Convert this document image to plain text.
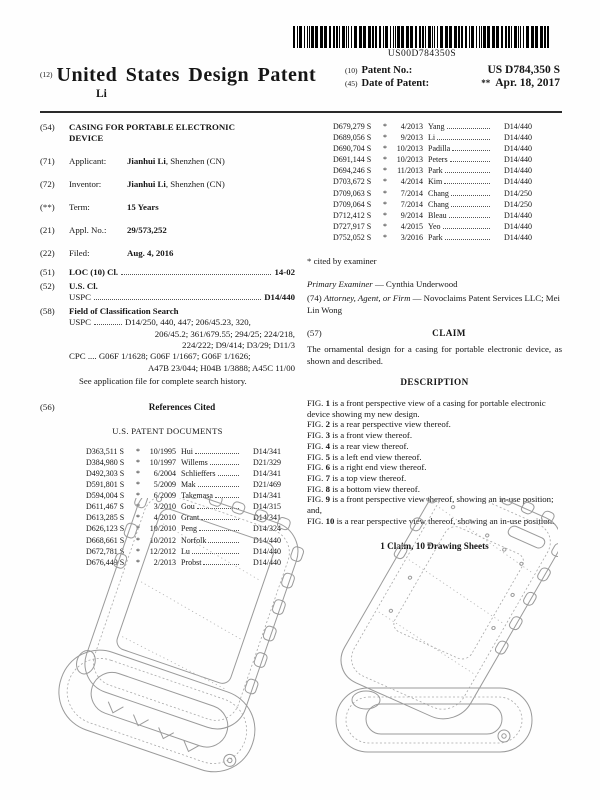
US00D784350S
$^{(12)}$ United States Design Patent
Li
(10) Patent No.:	US D784,350 S
(45) Date of Patent:	** Apr. 18, 2017
(54)	CASING FOR PORTABLE ELECTRONIC DEVICE
(71)	Applicant: Jianhui Li, Shenzhen (CN)
(72)	Inventor:	Jianhui Li, Shenzhen (CN)
(**)	Term:	15 Years
(21)	Appl. No.: 29/573,252
(22)	Filed:	Aug. 4, 2016
(51)	LOC (10) Cl.	14-02
(52)	U.S. Cl.
USPC	D14/440
(58)	Field of Classification Search
USPC	D14/250, 440, 447; 206/45.23, 320,
206/45.2; 361/679.55; 294/25; 224/218,
224/222; D9/414; D3/29; D11/3
CPC ....
G06F 1/1628; G06F 1/1667; G06F 1/1626;
A47B 23/044; H04B 1/3888; A45C 11/00
See application file for complete search history.
(56)	References Cited
U.S. PATENT DOCUMENTS
D363,511 S	*	10/1995 Hui	D14/341
D384,980 S	*	10/1997 Willems	D21/329
D492,303 S	*	6/2004 Schlieffers	D14/341
D591,801 S	*	5/2009 Mak	D21/469
D594,004 S	*	6/2009 Takemasa	D14/341
D611,467 S	*	3/2010 Gou	D14/315
D613,285 S	*	4/2010 Grant	D14/341
D626,123 S	*	10/2010 Peng	D14/324
D668,661 S	*	10/2012 Norfolk	D14/440
D672,781 S	*	12/2012 Lu	D14/440
D676,449 S	*	2/2013 Probst	D14/440
D679,279 S	*	4/2013 Yang	D14/440
D689,056 S	*	9/2013 Li	D14/440
D690,704 S	*	10/2013 Padilla	D14/440
D691,144 S	*	10/2013 Peters	D14/440
D694,246 S	*	11/2013 Park	D14/440
D703,672 S	*	4/2014 Kim	D14/440
D709,063 S	*	7/2014 Chang	D14/250
D709,064 S	*	7/2014 Chang	D14/250
D712,412 S	*	9/2014 Bleau	D14/440
D727,917 S	*	4/2015 Yeo	D14/440
D752,052 S	*	3/2016 Park	D14/440
* cited by examiner
Primary Examiner — Cynthia Underwood
(74) Attorney, Agent, or Firm — Novoclaims Patent Services LLC; Mei Lin Wong
(57)	CLAIM
The ornamental design for a casing for portable electronic device, as shown and described.
DESCRIPTION
FIG. 1 is a front perspective view of a casing for portable electronic device showing my new design.
FIG. 2 is a rear perspective view thereof.
FIG. 3 is a front view thereof.
FIG. 4 is a rear view thereof.
FIG. 5 is a left end view thereof.
FIG. 6 is a right end view thereof.
FIG. 7 is a top view thereof.
FIG. 8 is a bottom view thereof.
FIG. 9 is a front perspective view thereof, showing an in-use position; and,
FIG. 10 is a rear perspective view thereof, showing an in-use position.
1 Claim, 10 Drawing Sheets
